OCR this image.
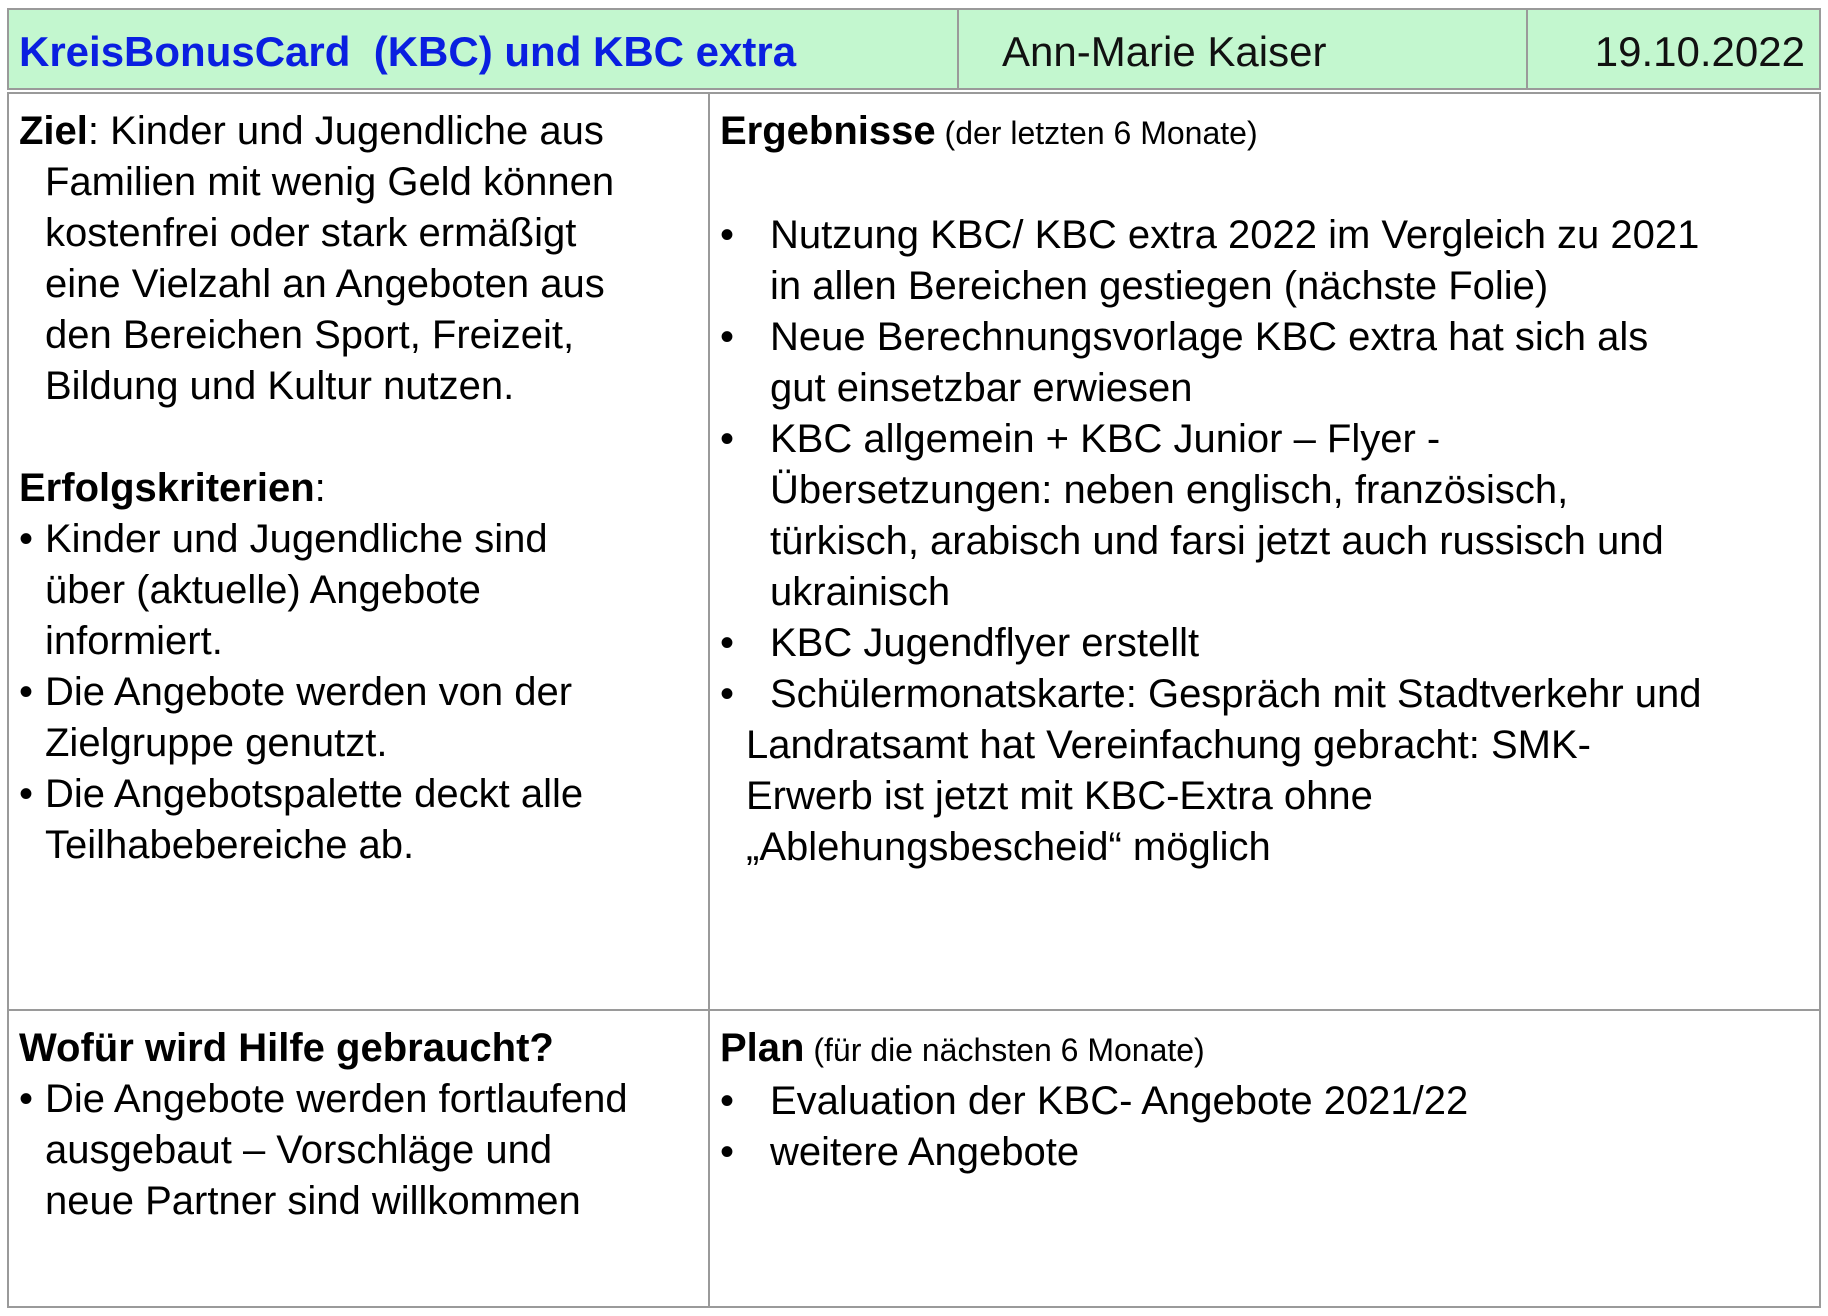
KreisBonusCard  (KBC) und KBC extra	Ann-Marie Kaiser	19.10.2022
Ziel: Kinder und Jugendliche aus
Familien mit wenig Geld können
kostenfrei oder stark ermäßigt
eine Vielzahl an Angeboten aus
den Bereichen Sport, Freizeit,
Bildung und Kultur nutzen.
Erfolgskriterien:
• Kinder und Jugendliche sind
über (aktuelle) Angebote
informiert.
• Die Angebote werden von der
Zielgruppe genutzt.
• Die Angebotspalette deckt alle
Teilhabebereiche ab.
Ergebnisse (der letzten 6 Monate)
• Nutzung KBC/ KBC extra 2022 im Vergleich zu 2021
in allen Bereichen gestiegen (nächste Folie)
• Neue Berechnungsvorlage KBC extra hat sich als
gut einsetzbar erwiesen
• KBC allgemein + KBC Junior – Flyer -
Übersetzungen: neben englisch, französisch,
türkisch, arabisch und farsi jetzt auch russisch und
ukrainisch
• KBC Jugendflyer erstellt
• Schülermonatskarte: Gespräch mit Stadtverkehr und
Landratsamt hat Vereinfachung gebracht: SMK-
Erwerb ist jetzt mit KBC-Extra ohne
„Ablehungsbescheid“ möglich
Wofür wird Hilfe gebraucht?
• Die Angebote werden fortlaufend
ausgebaut – Vorschläge und
neue Partner sind willkommen
Plan (für die nächsten 6 Monate)
• Evaluation der KBC- Angebote 2021/22
• weitere Angebote
